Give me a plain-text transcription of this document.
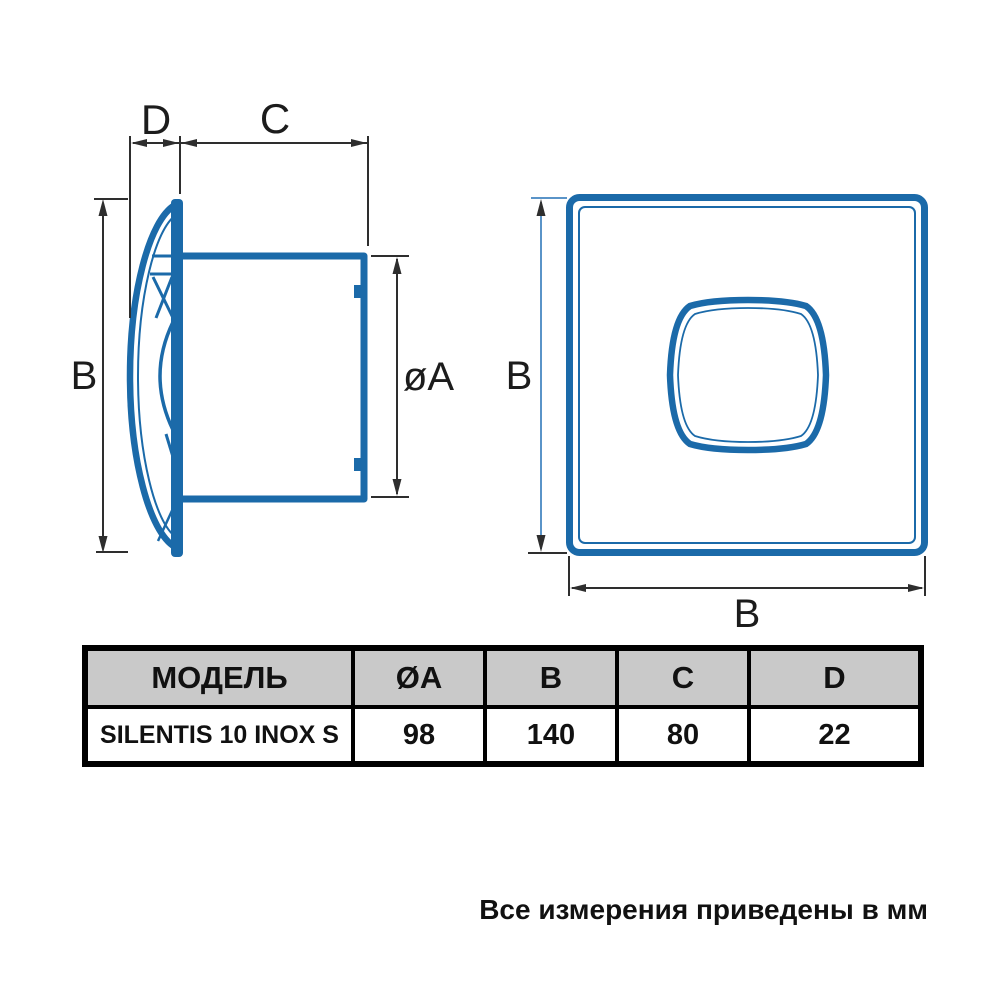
B
D C
øA B
B
МОДЕЛЬ	ØA	B	C	D
SILENTIS 10 INOX S	98	140	80	22
Все измерения приведены в мм
